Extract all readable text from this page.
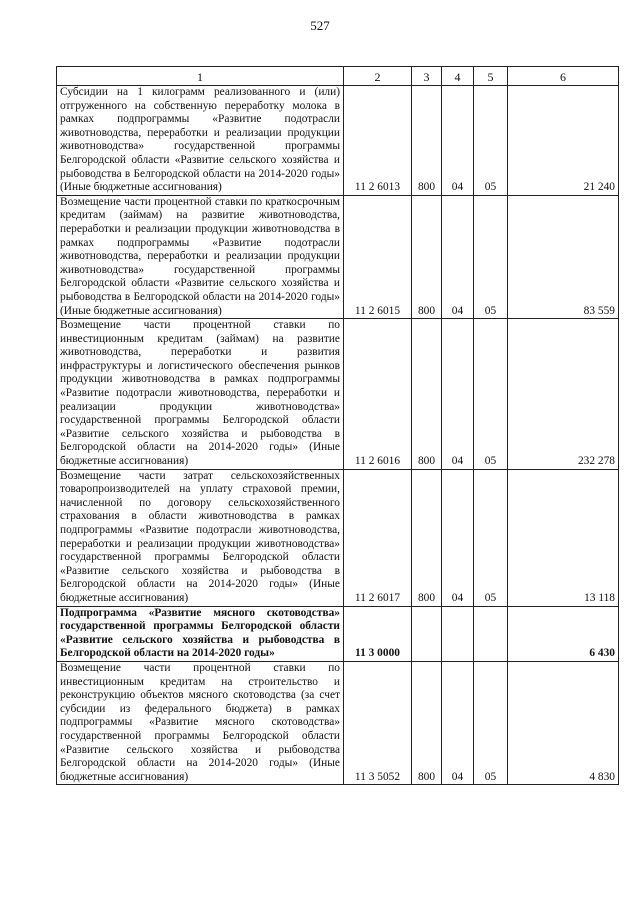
527
1	2	3	4	5	6
Субсидии на 1 килограмм реализованного и (или) отгруженного на собственную переработку молока в рамках подпрограммы «Развитие подотрасли животноводства, переработки и реализации продукции животноводства» государственной программы Белгородской области «Развитие сельского хозяйства и рыбоводства в Белгородской области на 2014-2020 годы» (Иные бюджетные ассигнования)	11 2 6013	800	04	05	21 240
Возмещение части процентной ставки по краткосрочным кредитам (займам) на развитие животноводства, переработки и реализации продукции животноводства в рамках подпрограммы «Развитие подотрасли животноводства, переработки и реализации продукции животноводства» государственной программы Белгородской области «Развитие сельского хозяйства и рыбоводства в Белгородской области на 2014-2020 годы» (Иные бюджетные ассигнования)	11 2 6015	800	04	05	83 559
Возмещение части процентной ставки по инвестиционным кредитам (займам) на развитие животноводства, переработки и развития инфраструктуры и логистического обеспечения рынков продукции животноводства в рамках подпрограммы «Развитие подотрасли животноводства, переработки и реализации продукции животноводства» государственной программы Белгородской области «Развитие сельского хозяйства и рыбоводства в Белгородской области на 2014-2020 годы» (Иные бюджетные ассигнования)	11 2 6016	800	04	05	232 278
Возмещение части затрат сельскохозяйственных товаропроизводителей на уплату страховой премии, начисленной по договору сельскохозяйственного страхования в области животноводства в рамках подпрограммы «Развитие подотрасли животноводства, переработки и реализации продукции животноводства» государственной программы Белгородской области «Развитие сельского хозяйства и рыбоводства в Белгородской области на 2014-2020 годы» (Иные бюджетные ассигнования)	11 2 6017	800	04	05	13 118
Подпрограмма «Развитие мясного скотоводства» государственной программы Белгородской области «Развитие сельского хозяйства и рыбоводства в Белгородской области на 2014-2020 годы»	11 3 0000				6 430
Возмещение части процентной ставки по инвестиционным кредитам на строительство и реконструкцию объектов мясного скотоводства (за счет субсидии из федерального бюджета) в рамках подпрограммы «Развитие мясного скотоводства» государственной программы Белгородской области «Развитие сельского хозяйства и рыбоводства Белгородской области на 2014-2020 годы» (Иные бюджетные ассигнования)	11 3 5052	800	04	05	4 830
